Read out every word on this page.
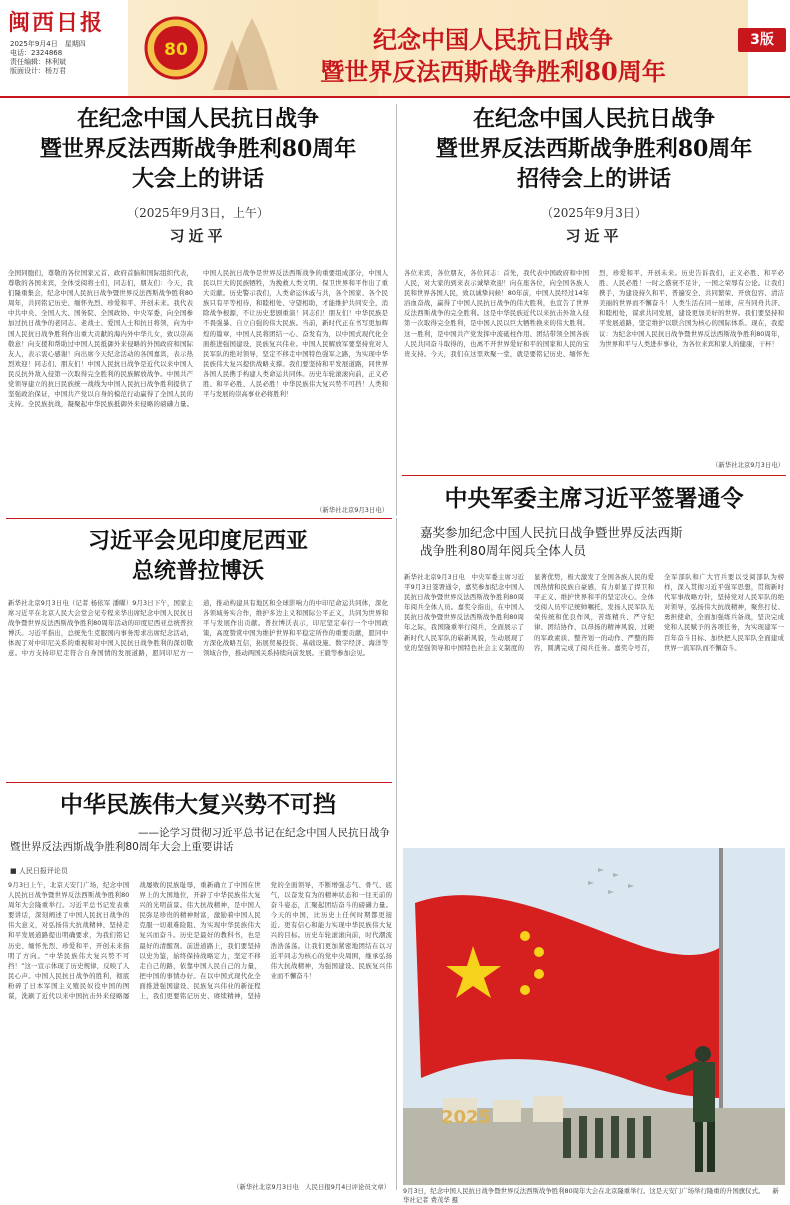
闽西日报
2025年9月4日　星期四
电话：2324868
责任编辑：林利斌
版面设计：杨万君
80	纪念中国人民抗日战争
暨世界反法西斯战争胜利80周年
3版
在纪念中国人民抗日战争
暨世界反法西斯战争胜利80周年
大会上的讲话
（2025年9月3日，上午）
习近平
全国同胞们，尊敬的各位国家元首、政府首脑和国际组织代表，尊敬的各国来宾，全体受阅将士们，同志们，朋友们：今天，我们隆重集会，纪念中国人民抗日战争暨世界反法西斯战争胜利80周年，共同铭记历史、缅怀先烈、珍爱和平、开创未来。我代表中共中央、全国人大、国务院、全国政协、中央军委，向全国参加过抗日战争的老同志、老战士、爱国人士和抗日将领，向为中国人民抗日战争胜利作出重大贡献的海内外中华儿女，致以崇高敬意！向支援和帮助过中国人民抵御外来侵略的外国政府和国际友人，表示衷心感谢！向出席今天纪念活动的各国嘉宾，表示热烈欢迎！同志们、朋友们！中国人民抗日战争是近代以来中国人民反抗外敌入侵第一次取得完全胜利的民族解放战争。中国共产党领导建立的抗日民族统一战线为中国人民抗日战争胜利提供了坚强政治保证，中国共产党以自身的模范行动赢得了全国人民的支持。全民族抗战，凝聚起中华民族抵御外来侵略的磅礴力量。中国人民抗日战争是世界反法西斯战争的重要组成部分，中国人民以巨大的民族牺牲，为挽救人类文明、保卫世界和平作出了重大贡献。历史警示我们，人类命运休戚与共，各个国家、各个民族只有平等相待、和睦相处、守望相助，才能维护共同安全，消除战争根源，不让历史悲剧重演！同志们！朋友们！中华民族是不畏强暴、自立自强的伟大民族。当前，新时代正在书写更加辉煌的篇章，中国人民将团结一心、奋发有为，以中国式现代化全面推进强国建设、民族复兴伟业。中国人民解放军要坚持党对人民军队的绝对领导，坚定不移走中国特色强军之路，为实现中华民族伟大复兴提供战略支撑。我们要坚持和平发展道路，同世界各国人民携手构建人类命运共同体。历史车轮滚滚向前，正义必胜、和平必胜、人民必胜！中华民族伟大复兴势不可挡！人类和平与发展的崇高事业必将胜利！
（新华社北京9月3日电）
在纪念中国人民抗日战争
暨世界反法西斯战争胜利80周年
招待会上的讲话
（2025年9月3日）
习近平
各位来宾，各位朋友，各位同志：首先，我代表中国政府和中国人民，对大家的到来表示诚挚欢迎！向在座各位，向全国各族人民和世界各国人民，致以诚挚问候！80年前，中国人民经过14年浴血奋战，赢得了中国人民抗日战争的伟大胜利，也宣告了世界反法西斯战争的完全胜利。这是中华民族近代以来抗击外敌入侵第一次取得完全胜利，是中国人民以巨大牺牲换来的伟大胜利。这一胜利，是中国共产党发挥中流砥柱作用、团结带领全国各族人民共同奋斗取得的，也离不开世界爱好和平的国家和人民的宝贵支持。今天，我们在这里欢聚一堂，就是要铭记历史、缅怀先烈，珍爱和平、开创未来。历史告诉我们，正义必胜、和平必胜、人民必胜！一时之盛衰不足计，一国之荣辱有公论。让我们携手，为建设持久和平、普遍安全、共同繁荣、开放包容、清洁美丽的世界而不懈奋斗！人类生活在同一星球，应当同舟共济、和睦相处，谋求共同发展，建设更加美好的世界。我们要坚持和平发展道路，坚定维护以联合国为核心的国际体系。现在，我提议：为纪念中国人民抗日战争暨世界反法西斯战争胜利80周年，为世界和平与人类进步事业，为各位来宾和家人的健康，干杯！
（新华社北京9月3日电）
中央军委主席习近平签署通令
嘉奖参加纪念中国人民抗日战争暨世界反法西斯
战争胜利80周年阅兵全体人员
新华社北京9月3日电　中央军委主席习近平9月3日签署通令，嘉奖参加纪念中国人民抗日战争暨世界反法西斯战争胜利80周年阅兵全体人员。嘉奖令指出，在中国人民抗日战争暨世界反法西斯战争胜利80周年之际，我国隆重举行阅兵，全面展示了新时代人民军队的崭新风貌，生动展现了党的坚强领导和中国特色社会主义制度的显著优势，极大激发了全国各族人民的爱国热情和民族自豪感，有力彰显了捍卫和平正义、维护世界和平的坚定决心。全体受阅人员牢记统帅嘱托，发扬人民军队光荣传统和优良作风，苦练精兵、严守纪律、团结协作，以昂扬的精神风貌、过硬的军政素质、整齐划一的动作、严整的阵容，圆满完成了阅兵任务。嘉奖令号召，全军部队和广大官兵要以受阅部队为榜样，深入贯彻习近平强军思想，贯彻新时代军事战略方针，坚持党对人民军队的绝对领导，弘扬伟大抗战精神，聚焦打仗、勇担使命，全面加强练兵备战，坚决完成党和人民赋予的各项任务，为实现建军一百年奋斗目标、加快把人民军队全面建成世界一流军队而不懈奋斗。
习近平会见印度尼西亚
总统普拉博沃
新华社北京9月3日电（记者 杨依军 潘曜）9月3日下午，国家主席习近平在北京人民大会堂会见专程来华出席纪念中国人民抗日战争暨世界反法西斯战争胜利80周年活动的印度尼西亚总统普拉博沃。习近平指出，总统先生克服国内事务需求出席纪念活动，体现了对中印尼关系的重视和对中国人民抗日战争胜利的深切敬意。中方支持印尼走符合自身国情的发展道路，愿同印尼方一道，推动构建具有地区和全球影响力的中印尼命运共同体，深化各领域务实合作，维护多边主义和国际公平正义，共同为世界和平与发展作出贡献。普拉博沃表示，印尼坚定奉行一个中国政策，高度赞赏中国为维护世界和平稳定所作的重要贡献，愿同中方深化战略互信，拓展贸易投资、基础设施、数字经济、海洋等领域合作，推动两国关系持续向前发展。王毅等参加会见。
中华民族伟大复兴势不可挡
——论学习贯彻习近平总书记在纪念中国人民抗日战争
暨世界反法西斯战争胜利80周年大会上重要讲话
■ 人民日报评论员
9月3日上午，北京天安门广场，纪念中国人民抗日战争暨世界反法西斯战争胜利80周年大会隆重举行。习近平总书记发表重要讲话，深刻阐述了中国人民抗日战争的伟大意义，对弘扬伟大抗战精神、坚持走和平发展道路提出明确要求，为我们铭记历史、缅怀先烈、珍爱和平、开创未来指明了方向。“中华民族伟大复兴势不可挡！”这一宣示体现了历史规律，反映了人民心声。中国人民抗日战争的胜利，彻底粉碎了日本军国主义殖民奴役中国的图谋，洗刷了近代以来中国抗击外来侵略屡战屡败的民族耻辱，重新确立了中国在世界上的大国地位，开辟了中华民族伟大复兴的光明前景。伟大抗战精神，是中国人民弥足珍贵的精神财富，激励着中国人民克服一切艰难险阻、为实现中华民族伟大复兴而奋斗。历史是最好的教科书，也是最好的清醒剂。前进道路上，我们要坚持以史为鉴，始终保持战略定力，坚定不移走自己的路，依靠中国人民自己的力量，把中国的事情办好。在以中国式现代化全面推进强国建设、民族复兴伟业的新征程上，我们更要铭记历史、赓续精神，坚持党的全面领导，不断增强志气、骨气、底气，以奋发有为的精神状态和一往无前的奋斗姿态，汇聚起团结奋斗的磅礴力量。今天的中国，比历史上任何时期都更接近、更有信心和能力实现中华民族伟大复兴的目标。历史车轮滚滚向前，时代潮流浩浩荡荡。让我们更加紧密地团结在以习近平同志为核心的党中央周围，继承弘扬伟大抗战精神，为强国建设、民族复兴伟业而不懈奋斗！
（新华社北京9月3日电　人民日报9月4日评论员文章）
2025
9月3日，纪念中国人民抗日战争暨世界反法西斯战争胜利80周年大会在北京隆重举行。这是天安门广场举行隆重的升国旗仪式。 新华社记者 费茂华 摄
